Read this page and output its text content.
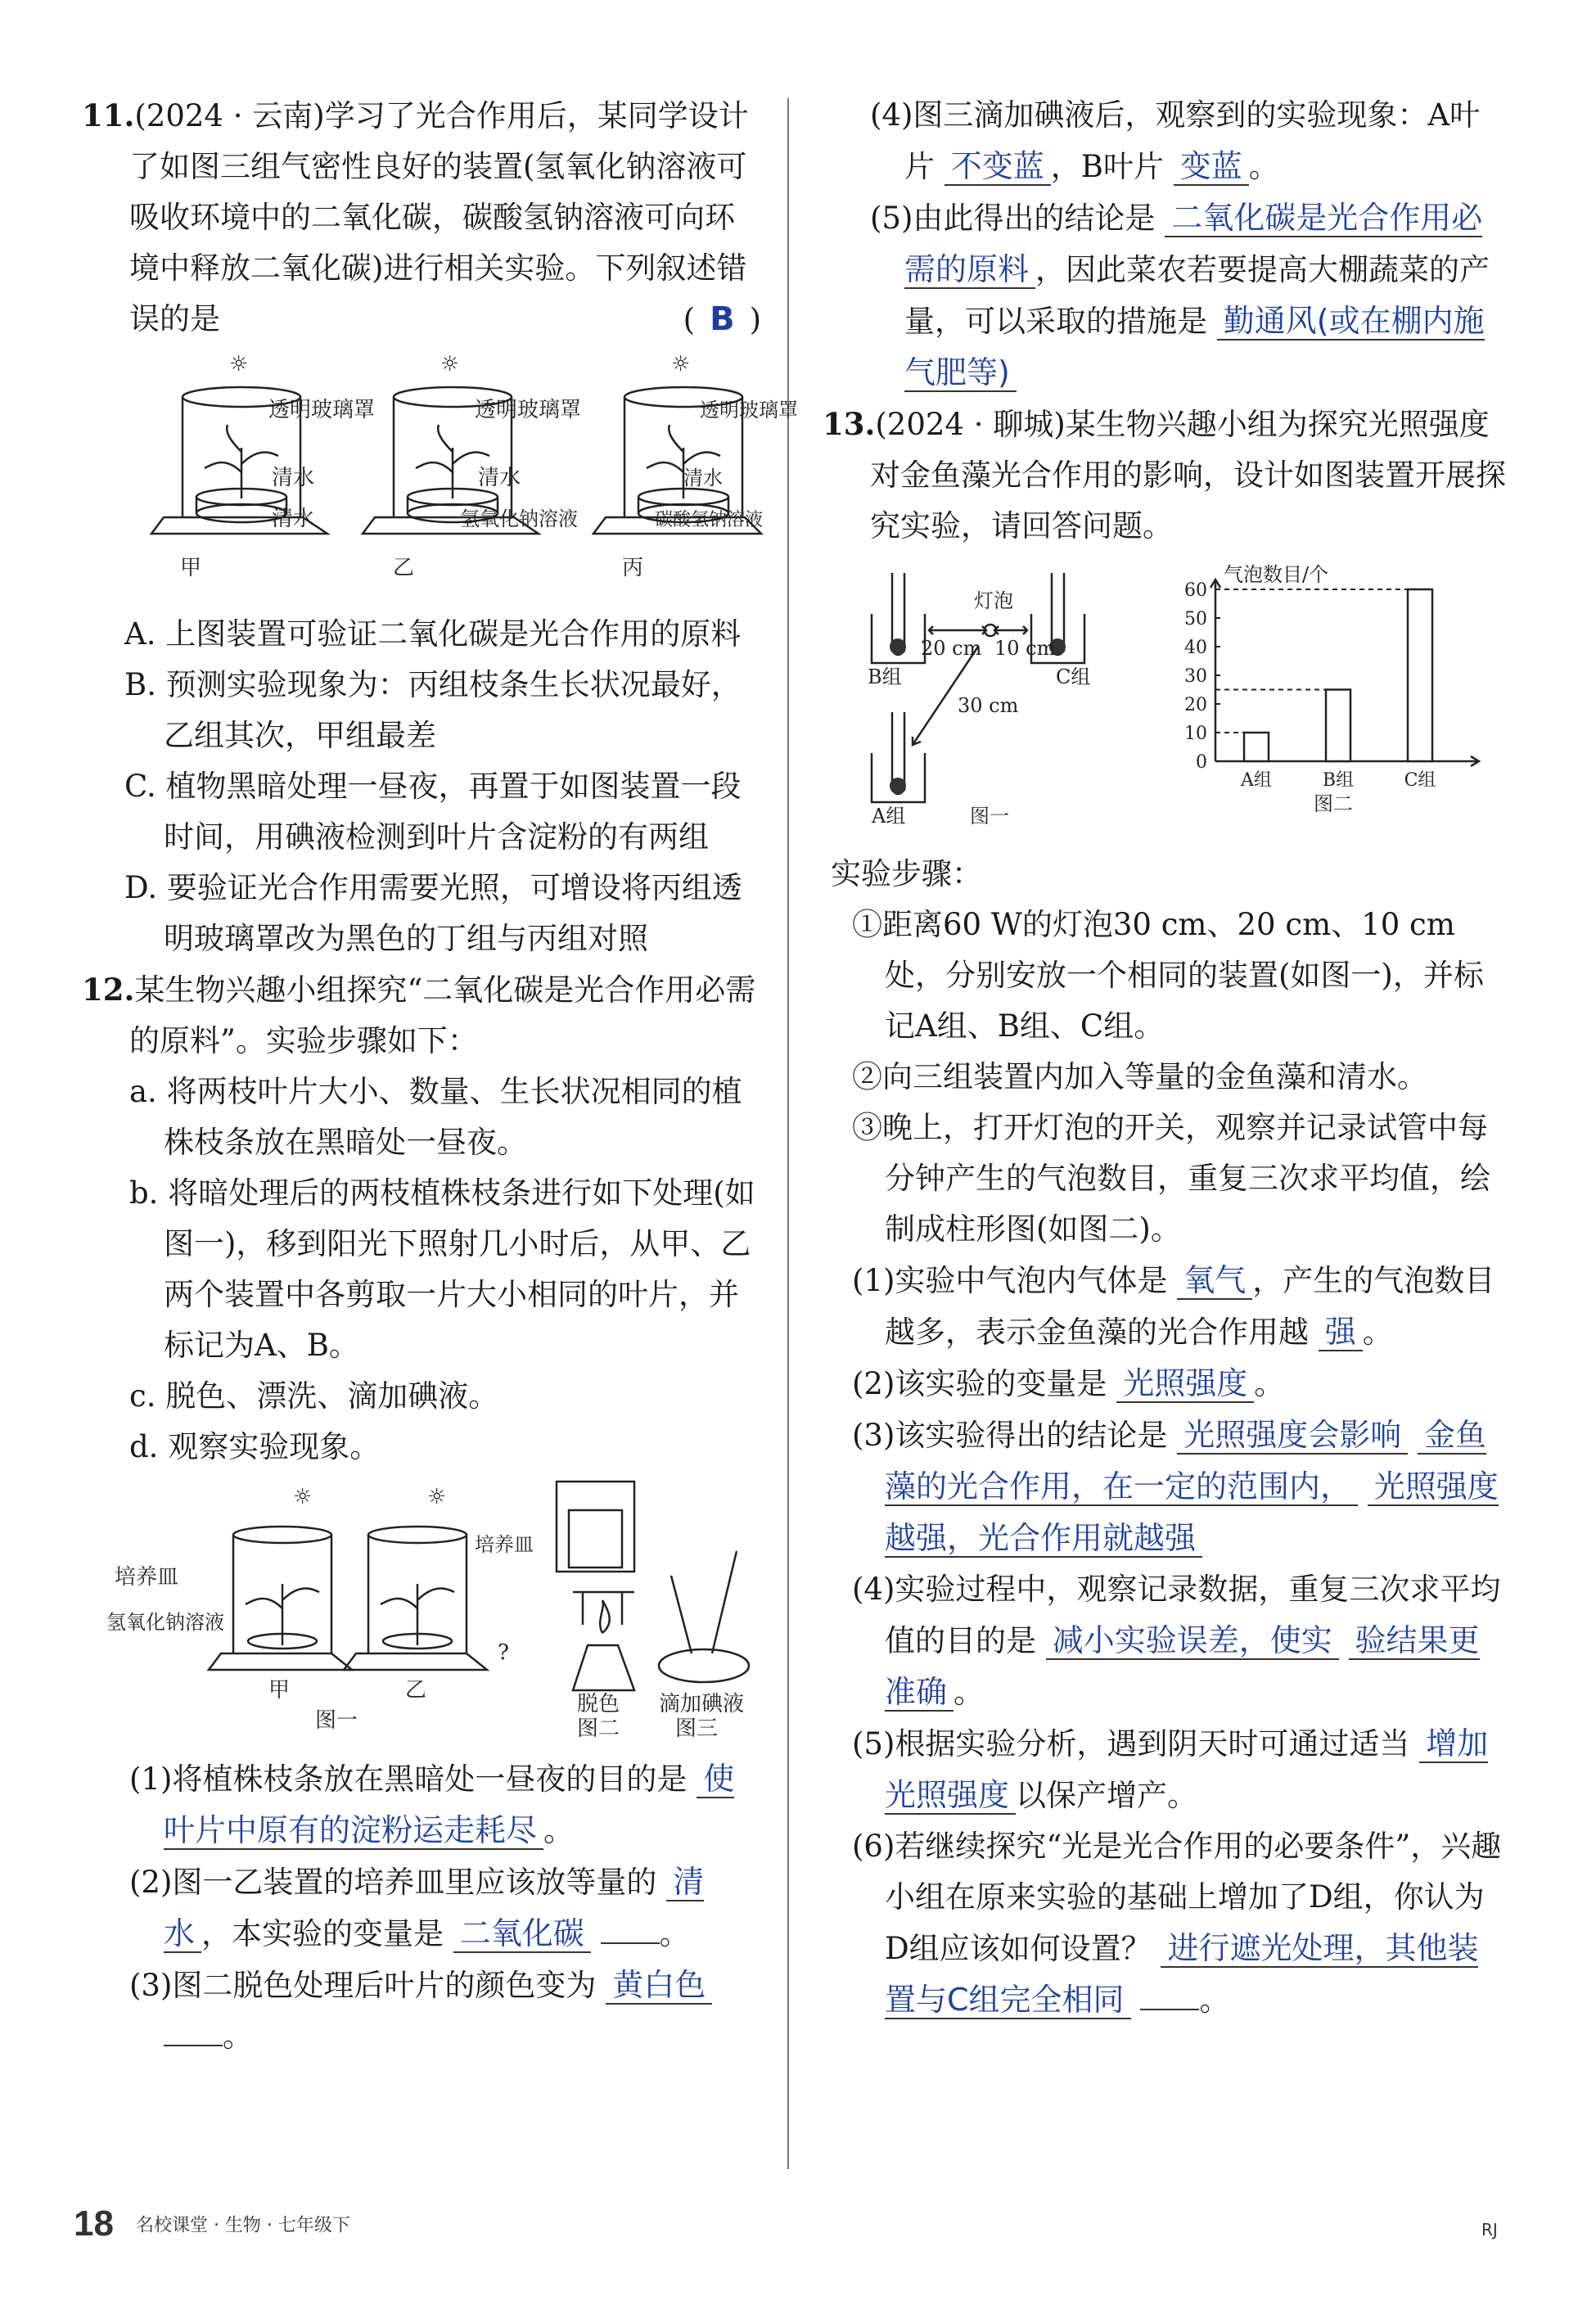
11.(2024 · 云南)学习了光合作用后，某同学设计了如图三组气密性良好的装置(氢氧化钠溶液可吸收环境中的二氧化碳，碳酸氢钠溶液可向环境中释放二氧化碳)进行相关实验。下列叙述错误的是	( B )

☼	☼	☼
透明玻璃罩
清水
清水
透明玻璃罩
清水
氢氧化钠溶液
透明玻璃罩
清水
碳酸氢钠溶液
甲	乙	丙

A. 上图装置可验证二氧化碳是光合作用的原料

B. 预测实验现象为：丙组枝条生长状况最好，乙组其次，甲组最差

C. 植物黑暗处理一昼夜，再置于如图装置一段时间，用碘液检测到叶片含淀粉的有两组

D. 要验证光合作用需要光照，可增设将丙组透明玻璃罩改为黑色的丁组与丙组对照

12.某生物兴趣小组探究“二氧化碳是光合作用必需的原料”。实验步骤如下：

a. 将两枝叶片大小、数量、生长状况相同的植株枝条放在黑暗处一昼夜。

b. 将暗处理后的两枝植株枝条进行如下处理(如图一)，移到阳光下照射几小时后，从甲、乙两个装置中各剪取一片大小相同的叶片，并标记为A、B。

c. 脱色、漂洗、滴加碘液。

d. 观察实验现象。

☼	☼
培养皿
氢氧化钠溶液
培养皿
?
甲	乙
图一
脱色
图二
滴加碘液
图三

(1)将植株枝条放在黑暗处一昼夜的目的是 使叶片中原有的淀粉运走耗尽 。

(2)图一乙装置的培养皿里应该放等量的 清水 ，本实验的变量是 二氧化碳 。

(3)图二脱色处理后叶片的颜色变为 黄白色 。

(4)图三滴加碘液后，观察到的实验现象：A叶片 不变蓝 ，B叶片 变蓝 。

(5)由此得出的结论是 二氧化碳是光合作用必需的原料 ，因此菜农若要提高大棚蔬菜的产量，可以采取的措施是 勤通风(或在棚内施气肥等)

13.(2024 · 聊城)某生物兴趣小组为探究光照强度对金鱼藻光合作用的影响，设计如图装置开展探究实验，请回答问题。

灯泡
20 cm 10 cm
30 cm
B组	C组
A组	图一
气泡数目/个
0
10
20
30
40
50
60
A组	B组	C组
图二

实验步骤：

①距离60 W的灯泡30 cm、20 cm、10 cm处，分别安放一个相同的装置(如图一)，并标记A组、B组、C组。

②向三组装置内加入等量的金鱼藻和清水。

③晚上，打开灯泡的开关，观察并记录试管中每分钟产生的气泡数目，重复三次求平均值，绘制成柱形图(如图二)。

(1)实验中气泡内气体是 氧气 ，产生的气泡数目越多，表示金鱼藻的光合作用越 强 。

(2)该实验的变量是 光照强度 。

(3)该实验得出的结论是 光照强度会影响 金鱼藻的光合作用，在一定的范围内， 光照强度越强，光合作用就越强

(4)实验过程中，观察记录数据，重复三次求平均值的目的是 减小实验误差，使实 验结果更准确 。

(5)根据实验分析，遇到阴天时可通过适当 增加光照强度 以保产增产。

(6)若继续探究“光是光合作用的必要条件”，兴趣小组在原来实验的基础上增加了D组，你认为D组应该如何设置？ 进行遮光处理，其他装置与C组完全相同 。

18 名校课堂 · 生物 · 七年级下	RJ
